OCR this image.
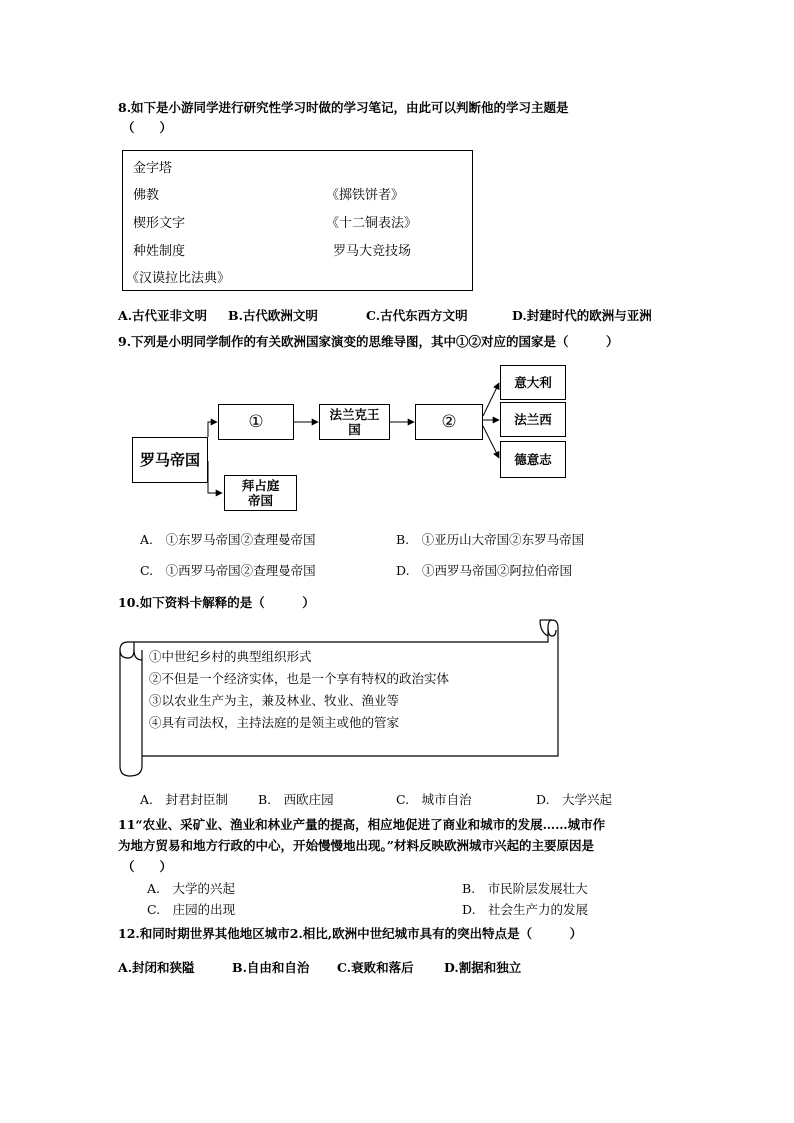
8.如下是小游同学进行研究性学习时做的学习笔记，由此可以判断他的学习主题是
（　　）
金字塔
佛教
楔形文字
种姓制度
《汉谟拉比法典》
《掷铁饼者》
《十二铜表法》
罗马大竞技场
A.古代亚非文明 B.古代欧洲文明	C.古代东西方文明	D.封建时代的欧洲与亚洲
9.下列是小明同学制作的有关欧洲国家演变的思维导图，其中①②对应的国家是（　　　）
罗马帝国
①
拜占庭帝国
法兰克王国	②
意大利
法兰西
德意志
A.　①东罗马帝国②查理曼帝国	B.　①亚历山大帝国②东罗马帝国
C.　①西罗马帝国②查理曼帝国	D.　①西罗马帝国②阿拉伯帝国
10.如下资料卡解释的是（　　　）
①中世纪乡村的典型组织形式
②不但是一个经济实体，也是一个享有特权的政治实体
③以农业生产为主，兼及林业、牧业、渔业等
④具有司法权，主持法庭的是领主或他的管家
A.　封君封臣制 B.　西欧庄园	C.　城市自治	D.　大学兴起
11“农业、采矿业、渔业和林业产量的提高，相应地促进了商业和城市的发展……城市作
为地方贸易和地方行政的中心，开始慢慢地出现。”材料反映欧洲城市兴起的主要原因是
（　　）
A.　大学的兴起	B.　市民阶层发展壮大
C.　庄园的出现	D.　社会生产力的发展
12.和同时期世界其他地区城市2.相比,欧洲中世纪城市具有的突出特点是（　　　）
A.封闭和狭隘	B.自由和自治 C.衰败和落后 D.割据和独立
